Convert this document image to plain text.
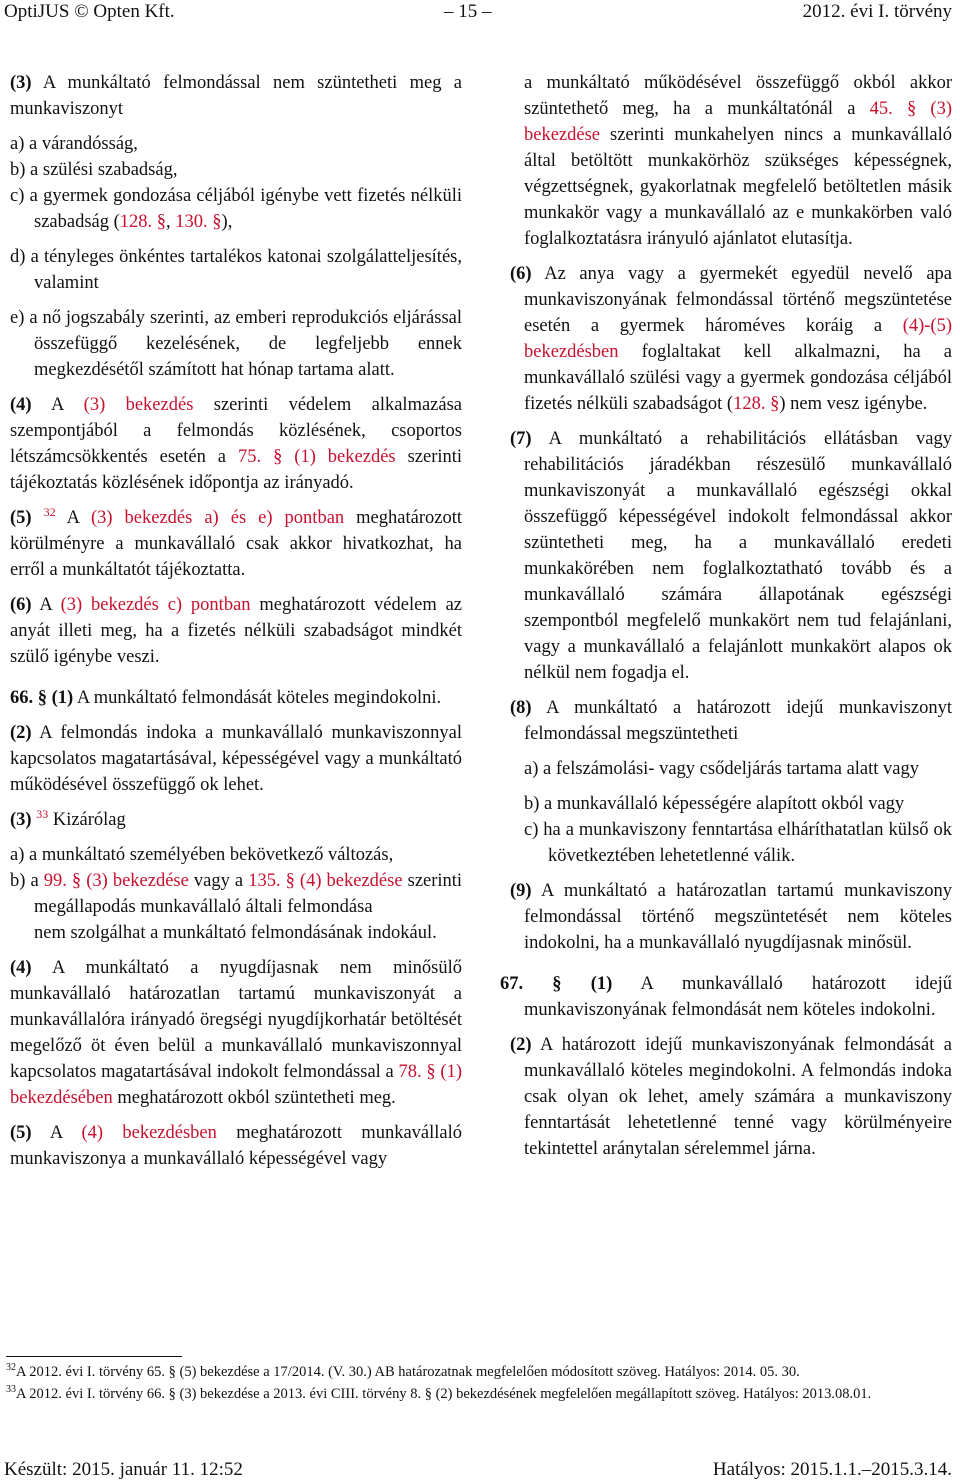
OptiJUS © Opten Kft.	– 15 –	2012. évi I. törvény

(3) A munkáltató felmondással nem szüntetheti meg a munkaviszonyt

a) a várandósság,
b) a szülési szabadság,
c) a gyermek gondozása céljából igénybe vett fizetés nélküli szabadság (128. §, 130. §),
d) a tényleges önkéntes tartalékos katonai szolgálatteljesítés, valamint
e) a nő jogszabály szerinti, az emberi reprodukciós eljárással összefüggő kezelésének, de legfeljebb ennek megkezdésétől számított hat hónap tartama alatt.

(4) A (3) bekezdés szerinti védelem alkalmazása szempontjából a felmondás közlésének, csoportos létszámcsökkentés esetén a 75. § (1) bekezdés szerinti tájékoztatás közlésének időpontja az irányadó.

(5) $^{32}$ A (3) bekezdés a) és e) pontban meghatározott körülményre a munkavállaló csak akkor hivatkozhat, ha erről a munkáltatót tájékoztatta.

(6) A (3) bekezdés c) pontban meghatározott védelem az anyát illeti meg, ha a fizetés nélküli szabadságot mindkét szülő igénybe veszi.

66. § (1) A munkáltató felmondását köteles megindokolni.

(2) A felmondás indoka a munkavállaló munkaviszonnyal kapcsolatos magatartásával, képességével vagy a munkáltató működésével összefüggő ok lehet.

(3) $^{33}$ Kizárólag

a) a munkáltató személyében bekövetkező változás,
b) a 99. § (3) bekezdése vagy a 135. § (4) bekezdése szerinti megállapodás munkavállaló általi felmondása
nem szolgálhat a munkáltató felmondásának indokául.

(4) A munkáltató a nyugdíjasnak nem minősülő munkavállaló határozatlan tartamú munkaviszonyát a munkavállalóra irányadó öregségi nyugdíjkorhatár betöltését megelőző öt éven belül a munkavállaló munkaviszonnyal kapcsolatos magatartásával indokolt felmondással a 78. § (1) bekezdésében meghatározott okból szüntetheti meg.

(5) A (4) bekezdésben meghatározott munkavállaló munkaviszonya a munkavállaló képességével vagy

a munkáltató működésével összefüggő okból akkor szüntethető meg, ha a munkáltatónál a 45. § (3) bekezdése szerinti munkahelyen nincs a munkavállaló által betöltött munkakörhöz szükséges képességnek, végzettségnek, gyakorlatnak megfelelő betöltetlen másik munkakör vagy a munkavállaló az e munkakörben való foglalkoztatásra irányuló ajánlatot elutasítja.

(6) Az anya vagy a gyermekét egyedül nevelő apa munkaviszonyának felmondással történő megszüntetése esetén a gyermek hároméves koráig a (4)-(5) bekezdésben foglaltakat kell alkalmazni, ha a munkavállaló szülési vagy a gyermek gondozása céljából fizetés nélküli szabadságot (128. §) nem vesz igénybe.

(7) A munkáltató a rehabilitációs ellátásban vagy rehabilitációs járadékban részesülő munkavállaló munkaviszonyát a munkavállaló egészségi okkal összefüggő képességével indokolt felmondással akkor szüntetheti meg, ha a munkavállaló eredeti munkakörében nem foglalkoztatható tovább és a munkavállaló számára állapotának egészségi szempontból megfelelő munkakört nem tud felajánlani, vagy a munkavállaló a felajánlott munkakört alapos ok nélkül nem fogadja el.

(8) A munkáltató a határozott idejű munkaviszonyt felmondással megszüntetheti

a) a felszámolási- vagy csődeljárás tartama alatt vagy
b) a munkavállaló képességére alapított okból vagy
c) ha a munkaviszony fenntartása elháríthatatlan külső ok következtében lehetetlenné válik.

(9) A munkáltató a határozatlan tartamú munkaviszony felmondással történő megszüntetését nem köteles indokolni, ha a munkavállaló nyugdíjasnak minősül.

67. § (1) A munkavállaló határozott idejű munkaviszonyának felmondását nem köteles indokolni.

(2) A határozott idejű munkaviszonyának felmondását a munkavállaló köteles megindokolni. A felmondás indoka csak olyan ok lehet, amely számára a munkaviszony fenntartását lehetetlenné tenné vagy körülményeire tekintettel aránytalan sérelemmel járna.

$^{32}$A 2012. évi I. törvény 65. § (5) bekezdése a 17/2014. (V. 30.) AB határozatnak megfelelően módosított szöveg. Hatályos: 2014. 05. 30.
$^{33}$A 2012. évi I. törvény 66. § (3) bekezdése a 2013. évi CIII. törvény 8. § (2) bekezdésének megfelelően megállapított szöveg. Hatályos: 2013.08.01.
Készült: 2015. január 11. 12:52	Hatályos: 2015.1.1.–2015.3.14.
